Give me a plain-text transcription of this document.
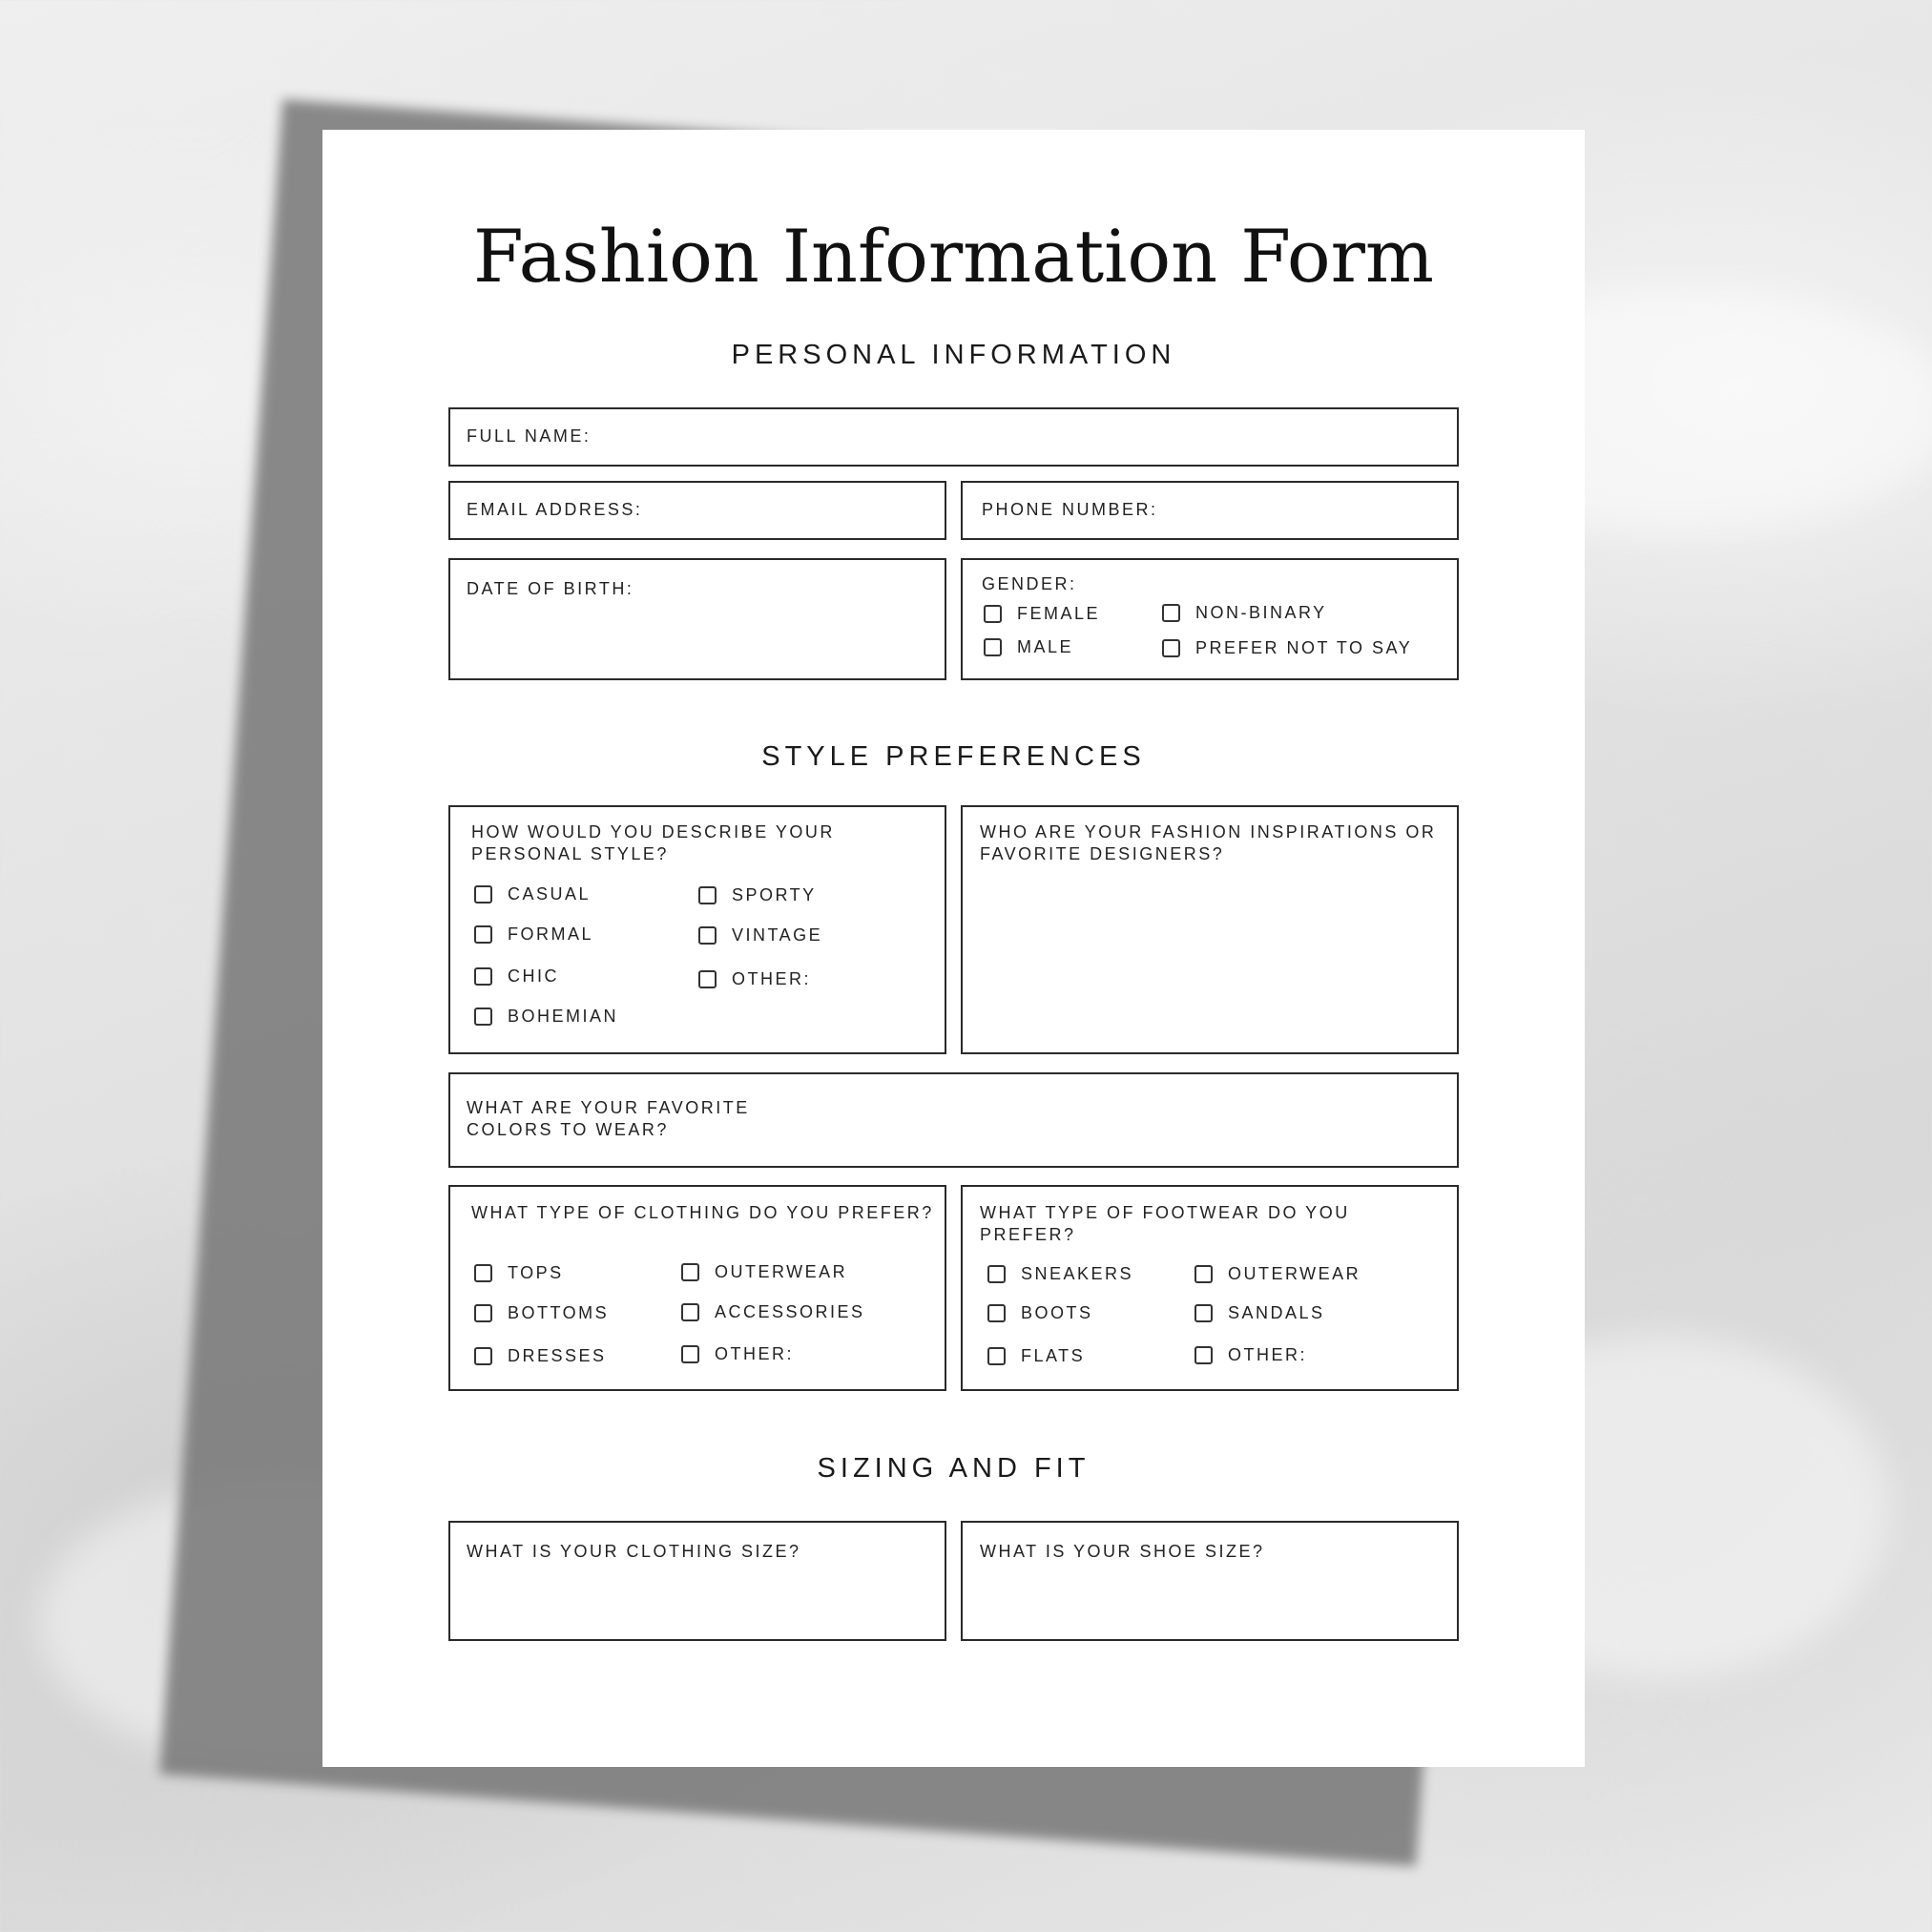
Fashion Information Form
PERSONAL INFORMATION
FULL NAME:
EMAIL ADDRESS:	PHONE NUMBER:
DATE OF BIRTH:	GENDER:
FEMALE	NON-BINARY
MALE	PREFER NOT TO SAY
STYLE PREFERENCES
HOW WOULD YOU DESCRIBE YOUR
PERSONAL STYLE?
CASUAL	SPORTY
FORMAL	VINTAGE
CHIC	OTHER:
BOHEMIAN
WHO ARE YOUR FASHION INSPIRATIONS OR
FAVORITE DESIGNERS?
WHAT ARE YOUR FAVORITE
COLORS TO WEAR?
WHAT TYPE OF CLOTHING DO YOU PREFER?
TOPS	OUTERWEAR
BOTTOMS	ACCESSORIES
DRESSES	OTHER:
WHAT TYPE OF FOOTWEAR DO YOU
PREFER?
SNEAKERS	OUTERWEAR
BOOTS	SANDALS
FLATS	OTHER:
SIZING AND FIT
WHAT IS YOUR CLOTHING SIZE?	WHAT IS YOUR SHOE SIZE?
